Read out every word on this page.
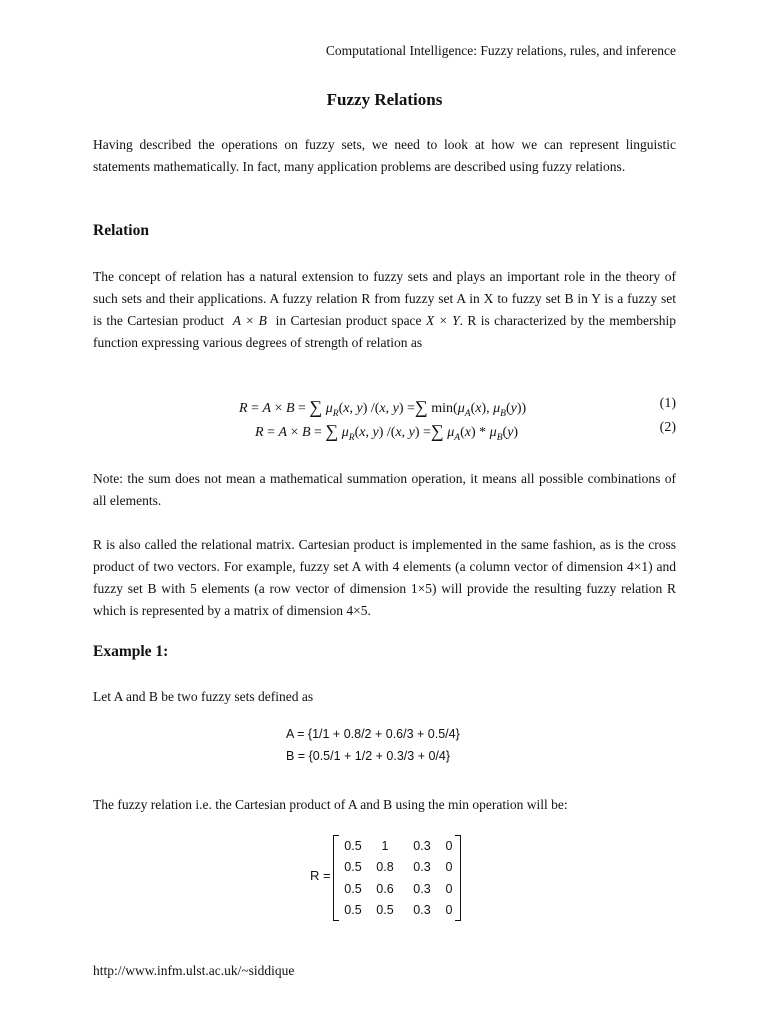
Computational Intelligence: Fuzzy relations, rules, and inference
Fuzzy Relations

Having described the operations on fuzzy sets, we need to look at how we can represent linguistic statements mathematically. In fact, many application problems are described using fuzzy relations.

Relation

The concept of relation has a natural extension to fuzzy sets and plays an important role in the theory of such sets and their applications. A fuzzy relation R from fuzzy set A in X to fuzzy set B in Y is a fuzzy set is the Cartesian product A × B in Cartesian product space X × Y. R is characterized by the membership function expressing various degrees of strength of relation as

R = A × B = ∑ $\mu_R(x$, y) /(x, y) =∑ $\min(\mu_A(x)$, $\mu_B(y)$)	(1)
R = A × B = ∑ $\mu_R(x$, y) /(x, y) =∑ $\mu_A(x) * \mu_B(y)$	(2)

Note: the sum does not mean a mathematical summation operation, it means all possible combinations of all elements.

R is also called the relational matrix. Cartesian product is implemented in the same fashion, as is the cross product of two vectors. For example, fuzzy set A with 4 elements (a column vector of dimension 4×1) and fuzzy set B with 5 elements (a row vector of dimension 1×5) will provide the resulting fuzzy relation R which is represented by a matrix of dimension 4×5.

Example 1:

Let A and B be two fuzzy sets defined as

A = {1/1 + 0.8/2 + 0.6/3 + 0.5/4}
B = {0.5/1 + 1/2 + 0.3/3 + 0/4}

The fuzzy relation i.e. the Cartesian product of A and B using the min operation will be:

R =
0.5	1	0.3	0
0.5	0.8	0.3	0
0.5	0.6	0.3	0
0.5	0.5	0.3	0
http://www.infm.ulst.ac.uk/~siddique
